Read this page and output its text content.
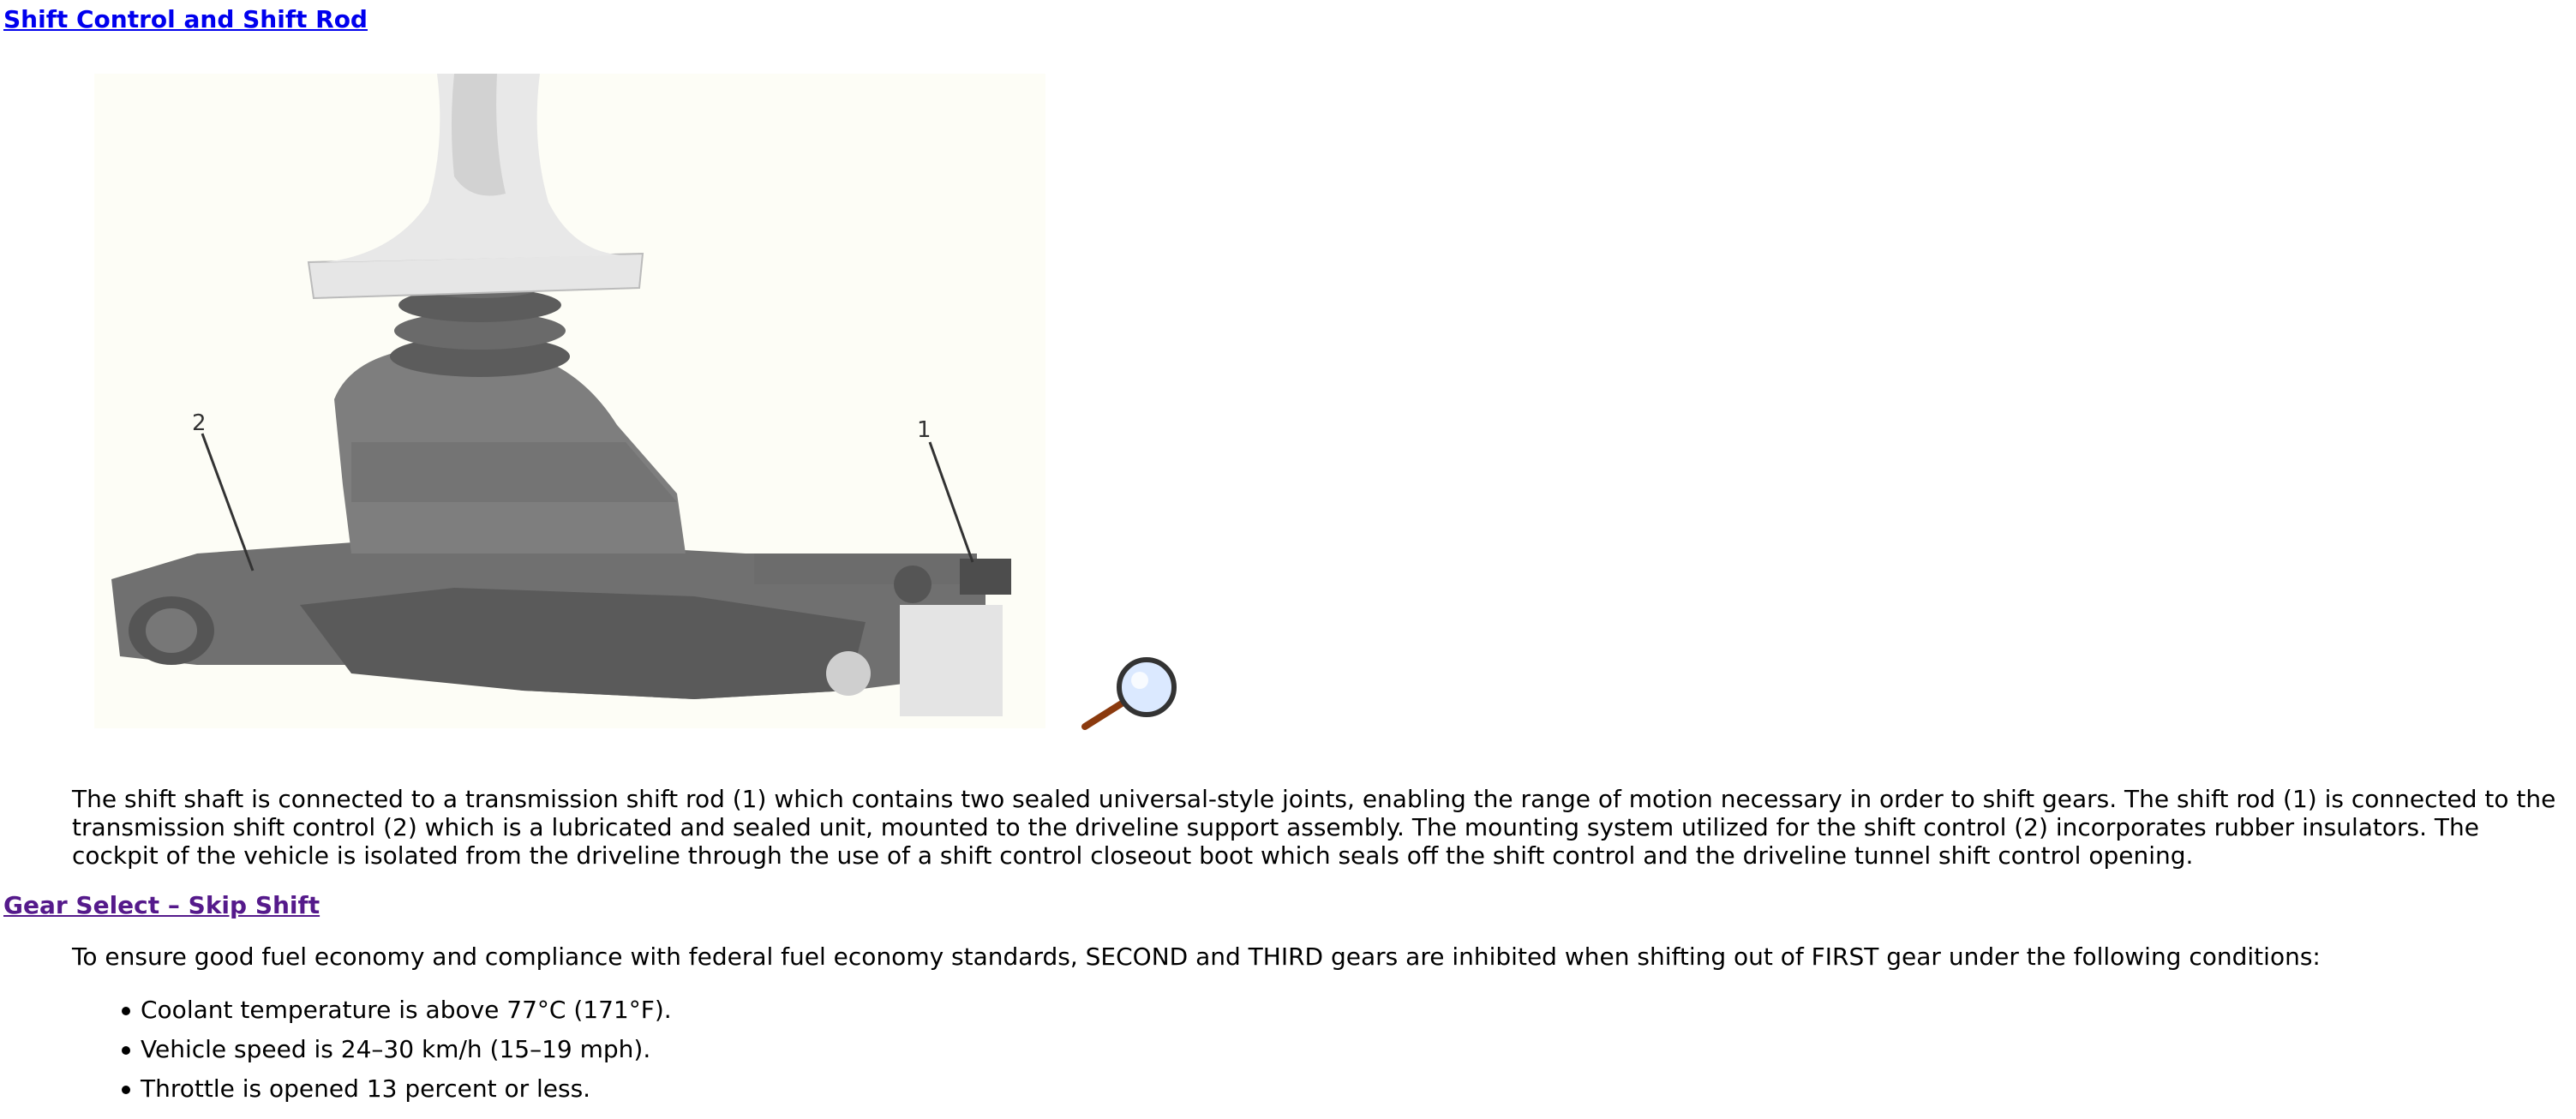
Shift Control and Shift Rod
2	1

The shift shaft is connected to a transmission shift rod (1) which contains two sealed universal-style joints, enabling the range of motion necessary in order to shift gears. The shift rod (1) is connected to the transmission shift control (2) which is a lubricated and sealed unit, mounted to the driveline support assembly. The mounting system utilized for the shift control (2) incorporates rubber insulators. The cockpit of the vehicle is isolated from the driveline through the use of a shift control closeout boot which seals off the shift control and the driveline tunnel shift control opening.

Gear Select – Skip Shift

To ensure good fuel economy and compliance with federal fuel economy standards, SECOND and THIRD gears are inhibited when shifting out of FIRST gear under the following conditions:

Coolant temperature is above 77°C (171°F).
Vehicle speed is 24–30 km/h (15–19 mph).
Throttle is opened 13 percent or less.
